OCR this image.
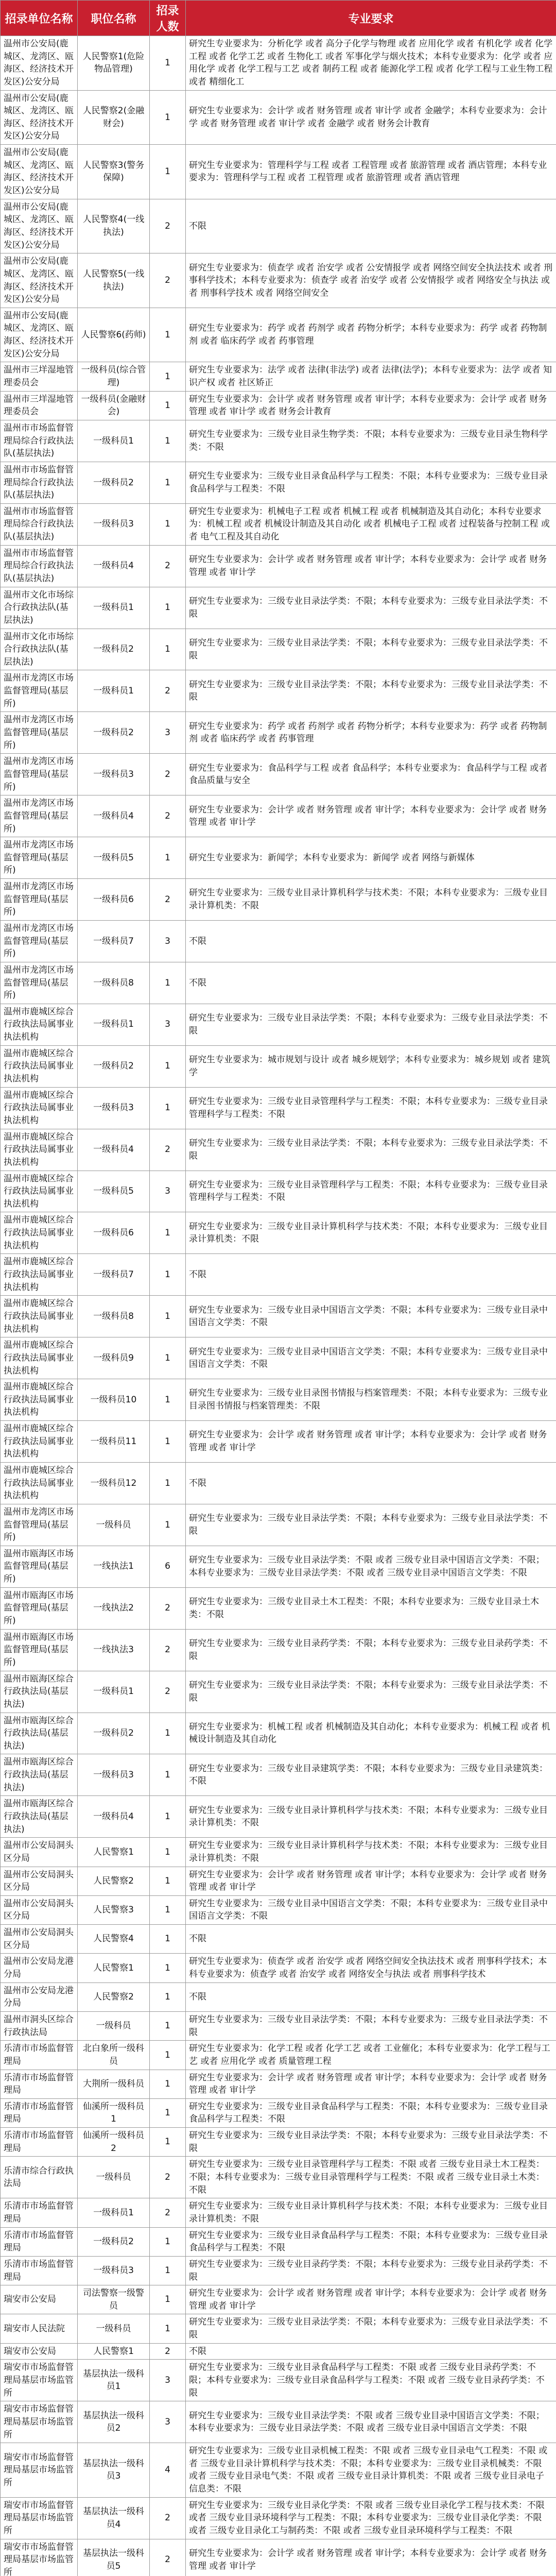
招录单位名称	职位名称	招录人数	专业要求
温州市公安局(鹿城区、龙湾区、瓯海区、经济技术开发区)公安分局	人民警察1(危险物品管理)	1	研究生专业要求为：分析化学 或者 高分子化学与物理 或者 应用化学 或者 有机化学 或者 化学工程 或者 化学工艺 或者 生物化工 或者 军事化学与烟火技术；本科专业要求为：化学 或者 应用化学 或者 化学工程与工艺 或者 制药工程 或者 能源化学工程 或者 化学工程与工业生物工程 或者 精细化工
温州市公安局(鹿城区、龙湾区、瓯海区、经济技术开发区)公安分局	人民警察2(金融财会)	1	研究生专业要求为：会计学 或者 财务管理 或者 审计学 或者 金融学；本科专业要求为：会计学 或者 财务管理 或者 审计学 或者 金融学 或者 财务会计教育
温州市公安局(鹿城区、龙湾区、瓯海区、经济技术开发区)公安分局	人民警察3(警务保障)	1	研究生专业要求为：管理科学与工程 或者 工程管理 或者 旅游管理 或者 酒店管理；本科专业要求为：管理科学与工程 或者 工程管理 或者 旅游管理 或者 酒店管理
温州市公安局(鹿城区、龙湾区、瓯海区、经济技术开发区)公安分局	人民警察4(一线执法)	2	不限
温州市公安局(鹿城区、龙湾区、瓯海区、经济技术开发区)公安分局	人民警察5(一线执法)	2	研究生专业要求为：侦查学 或者 治安学 或者 公安情报学 或者 网络空间安全执法技术 或者 刑事科学技术；本科专业要求为：侦查学 或者 治安学 或者 公安情报学 或者 网络安全与执法 或者 刑事科学技术 或者 网络空间安全
温州市公安局(鹿城区、龙湾区、瓯海区、经济技术开发区)公安分局	人民警察6(药师)	1	研究生专业要求为：药学 或者 药剂学 或者 药物分析学；本科专业要求为：药学 或者 药物制剂 或者 临床药学 或者 药事管理
温州市三垟湿地管理委员会	一级科员(综合管理)	1	研究生专业要求为：法学 或者 法律(非法学) 或者 法律(法学)；本科专业要求为：法学 或者 知识产权 或者 社区矫正
温州市三垟湿地管理委员会	一级科员(金融财会)	1	研究生专业要求为：会计学 或者 财务管理 或者 审计学；本科专业要求为：会计学 或者 财务管理 或者 审计学 或者 财务会计教育
温州市市场监督管理局综合行政执法队(基层执法)	一级科员1	1	研究生专业要求为：三级专业目录生物学类：不限；本科专业要求为：三级专业目录生物科学类：不限
温州市市场监督管理局综合行政执法队(基层执法)	一级科员2	1	研究生专业要求为：三级专业目录食品科学与工程类：不限；本科专业要求为：三级专业目录食品科学与工程类：不限
温州市市场监督管理局综合行政执法队(基层执法)	一级科员3	1	研究生专业要求为：机械电子工程 或者 机械工程 或者 机械制造及其自动化；本科专业要求为：机械工程 或者 机械设计制造及其自动化 或者 机械电子工程 或者 过程装备与控制工程 或者 电气工程及其自动化
温州市市场监督管理局综合行政执法队(基层执法)	一级科员4	2	研究生专业要求为：会计学 或者 财务管理 或者 审计学；本科专业要求为：会计学 或者 财务管理 或者 审计学
温州市文化市场综合行政执法队(基层执法)	一级科员1	1	研究生专业要求为：三级专业目录法学类：不限；本科专业要求为：三级专业目录法学类：不限
温州市文化市场综合行政执法队(基层执法)	一级科员2	1	研究生专业要求为：三级专业目录法学类：不限；本科专业要求为：三级专业目录法学类：不限
温州市龙湾区市场监督管理局(基层所)	一级科员1	2	研究生专业要求为：三级专业目录法学类：不限；本科专业要求为：三级专业目录法学类：不限
温州市龙湾区市场监督管理局(基层所)	一级科员2	3	研究生专业要求为：药学 或者 药剂学 或者 药物分析学；本科专业要求为：药学 或者 药物制剂 或者 临床药学 或者 药事管理
温州市龙湾区市场监督管理局(基层所)	一级科员3	2	研究生专业要求为：食品科学与工程 或者 食品科学；本科专业要求为：食品科学与工程 或者 食品质量与安全
温州市龙湾区市场监督管理局(基层所)	一级科员4	2	研究生专业要求为：会计学 或者 财务管理 或者 审计学；本科专业要求为：会计学 或者 财务管理 或者 审计学
温州市龙湾区市场监督管理局(基层所)	一级科员5	1	研究生专业要求为：新闻学；本科专业要求为：新闻学 或者 网络与新媒体
温州市龙湾区市场监督管理局(基层所)	一级科员6	2	研究生专业要求为：三级专业目录计算机科学与技术类：不限；本科专业要求为：三级专业目录计算机类：不限
温州市龙湾区市场监督管理局(基层所)	一级科员7	3	不限
温州市龙湾区市场监督管理局(基层所)	一级科员8	1	不限
温州市鹿城区综合行政执法局属事业执法机构	一级科员1	3	研究生专业要求为：三级专业目录法学类：不限；本科专业要求为：三级专业目录法学类：不限
温州市鹿城区综合行政执法局属事业执法机构	一级科员2	1	研究生专业要求为：城市规划与设计 或者 城乡规划学；本科专业要求为：城乡规划 或者 建筑学
温州市鹿城区综合行政执法局属事业执法机构	一级科员3	1	研究生专业要求为：三级专业目录管理科学与工程类：不限；本科专业要求为：三级专业目录管理科学与工程类：不限
温州市鹿城区综合行政执法局属事业执法机构	一级科员4	2	研究生专业要求为：三级专业目录法学类：不限；本科专业要求为：三级专业目录法学类：不限
温州市鹿城区综合行政执法局属事业执法机构	一级科员5	3	研究生专业要求为：三级专业目录管理科学与工程类：不限；本科专业要求为：三级专业目录管理科学与工程类：不限
温州市鹿城区综合行政执法局属事业执法机构	一级科员6	1	研究生专业要求为：三级专业目录计算机科学与技术类：不限；本科专业要求为：三级专业目录计算机类：不限
温州市鹿城区综合行政执法局属事业执法机构	一级科员7	1	不限
温州市鹿城区综合行政执法局属事业执法机构	一级科员8	1	研究生专业要求为：三级专业目录中国语言文学类：不限；本科专业要求为：三级专业目录中国语言文学类：不限
温州市鹿城区综合行政执法局属事业执法机构	一级科员9	1	研究生专业要求为：三级专业目录中国语言文学类：不限；本科专业要求为：三级专业目录中国语言文学类：不限
温州市鹿城区综合行政执法局属事业执法机构	一级科员10	1	研究生专业要求为：三级专业目录图书情报与档案管理类：不限；本科专业要求为：三级专业目录图书情报与档案管理类：不限
温州市鹿城区综合行政执法局属事业执法机构	一级科员11	1	研究生专业要求为：会计学 或者 财务管理 或者 审计学；本科专业要求为：会计学 或者 财务管理 或者 审计学
温州市鹿城区综合行政执法局属事业执法机构	一级科员12	1	不限
温州市龙湾区市场监督管理局(基层所)	一级科员	1	研究生专业要求为：三级专业目录法学类：不限；本科专业要求为：三级专业目录法学类：不限
温州市瓯海区市场监督管理局(基层所)	一线执法1	6	研究生专业要求为：三级专业目录法学类：不限 或者 三级专业目录中国语言文学类：不限；本科专业要求为：三级专业目录法学类：不限 或者 三级专业目录中国语言文学类：不限
温州市瓯海区市场监督管理局(基层所)	一线执法2	2	研究生专业要求为：三级专业目录土木工程类：不限；本科专业要求为：三级专业目录土木类：不限
温州市瓯海区市场监督管理局(基层所)	一线执法3	2	研究生专业要求为：三级专业目录药学类：不限；本科专业要求为：三级专业目录药学类：不限
温州市瓯海区综合行政执法局(基层执法)	一级科员1	2	研究生专业要求为：三级专业目录法学类：不限；本科专业要求为：三级专业目录法学类：不限
温州市瓯海区综合行政执法局(基层执法)	一级科员2	1	研究生专业要求为：机械工程 或者 机械制造及其自动化；本科专业要求为：机械工程 或者 机械设计制造及其自动化
温州市瓯海区综合行政执法局(基层执法)	一级科员3	1	研究生专业要求为：三级专业目录建筑学类：不限；本科专业要求为：三级专业目录建筑类：不限
温州市瓯海区综合行政执法局(基层执法)	一级科员4	1	研究生专业要求为：三级专业目录计算机科学与技术类：不限；本科专业要求为：三级专业目录计算机类：不限
温州市公安局洞头区分局	人民警察1	1	研究生专业要求为：三级专业目录计算机科学与技术类：不限；本科专业要求为：三级专业目录计算机类：不限
温州市公安局洞头区分局	人民警察2	1	研究生专业要求为：会计学 或者 财务管理 或者 审计学；本科专业要求为：会计学 或者 财务管理 或者 审计学
温州市公安局洞头区分局	人民警察3	1	研究生专业要求为：三级专业目录中国语言文学类：不限；本科专业要求为：三级专业目录中国语言文学类：不限
温州市公安局洞头区分局	人民警察4	1	不限
温州市公安局龙港分局	人民警察1	1	研究生专业要求为：侦查学 或者 治安学 或者 网络空间安全执法技术 或者 刑事科学技术；本科专业要求为：侦查学 或者 治安学 或者 网络安全与执法 或者 刑事科学技术
温州市公安局龙港分局	人民警察2	1	不限
温州市洞头区综合行政执法局	一级科员	1	研究生专业要求为：三级专业目录法学类：不限；本科专业要求为：三级专业目录法学类：不限
乐清市市场监督管理局	北白象所一级科员	1	研究生专业要求为：化学工程 或者 化学工艺 或者 工业催化；本科专业要求为：化学工程与工艺 或者 应用化学 或者 质量管理工程
乐清市市场监督管理局	大荆所一级科员	1	研究生专业要求为：会计学 或者 财务管理 或者 审计学；本科专业要求为：会计学 或者 财务管理 或者 审计学
乐清市市场监督管理局	仙溪所一级科员1	1	研究生专业要求为：三级专业目录食品科学与工程类：不限；本科专业要求为：三级专业目录食品科学与工程类：不限
乐清市市场监督管理局	仙溪所一级科员2	1	研究生专业要求为：三级专业目录法学类：不限；本科专业要求为：三级专业目录法学类：不限
乐清市综合行政执法局	一级科员	2	研究生专业要求为：三级专业目录管理科学与工程类：不限 或者 三级专业目录土木工程类：不限；本科专业要求为：三级专业目录管理科学与工程类：不限 或者 三级专业目录土木类：不限
乐清市市场监督管理局	一级科员1	2	研究生专业要求为：三级专业目录计算机科学与技术类：不限；本科专业要求为：三级专业目录计算机类：不限
乐清市市场监督管理局	一级科员2	1	研究生专业要求为：三级专业目录食品科学与工程类：不限；本科专业要求为：三级专业目录食品科学与工程类：不限
乐清市市场监督管理局	一级科员3	1	研究生专业要求为：三级专业目录药学类：不限；本科专业要求为：三级专业目录药学类：不限
瑞安市公安局	司法警察一级警员	1	研究生专业要求为：会计学 或者 财务管理 或者 审计学；本科专业要求为：会计学 或者 财务管理 或者 审计学
瑞安市人民法院	一级科员	1	研究生专业要求为：三级专业目录法学类：不限；本科专业要求为：三级专业目录法学类：不限
瑞安市公安局	人民警察1	2	不限
瑞安市市场监督管理局基层市场监管所	基层执法一级科员1	3	研究生专业要求为：三级专业目录食品科学与工程类：不限 或者 三级专业目录药学类：不限；本科专业要求为：三级专业目录食品科学与工程类：不限 或者 三级专业目录药学类：不限
瑞安市市场监督管理局基层市场监管所	基层执法一级科员2	3	研究生专业要求为：三级专业目录法学类：不限 或者 三级专业目录中国语言文学类：不限；本科专业要求为：三级专业目录法学类：不限 或者 三级专业目录中国语言文学类：不限
瑞安市市场监督管理局基层市场监管所	基层执法一级科员3	4	研究生专业要求为：三级专业目录机械工程类：不限 或者 三级专业目录电气工程类：不限 或者 三级专业目录计算机科学与技术类：不限；本科专业要求为：三级专业目录机械类：不限 或者 三级专业目录电气类：不限 或者 三级专业目录计算机类：不限 或者 三级专业目录电子信息类：不限
瑞安市市场监督管理局基层市场监管所	基层执法一级科员4	2	研究生专业要求为：三级专业目录化学类：不限 或者 三级专业目录化学工程与技术类：不限 或者 三级专业目录环境科学与工程类：不限；本科专业要求为：三级专业目录化学类：不限 或者 三级专业目录化工与制药类：不限 或者 三级专业目录环境科学与工程类：不限
瑞安市市场监督管理局基层市场监管所	基层执法一级科员5	2	研究生专业要求为：会计学 或者 财务管理 或者 审计学；本科专业要求为：会计学 或者 财务管理 或者 审计学
